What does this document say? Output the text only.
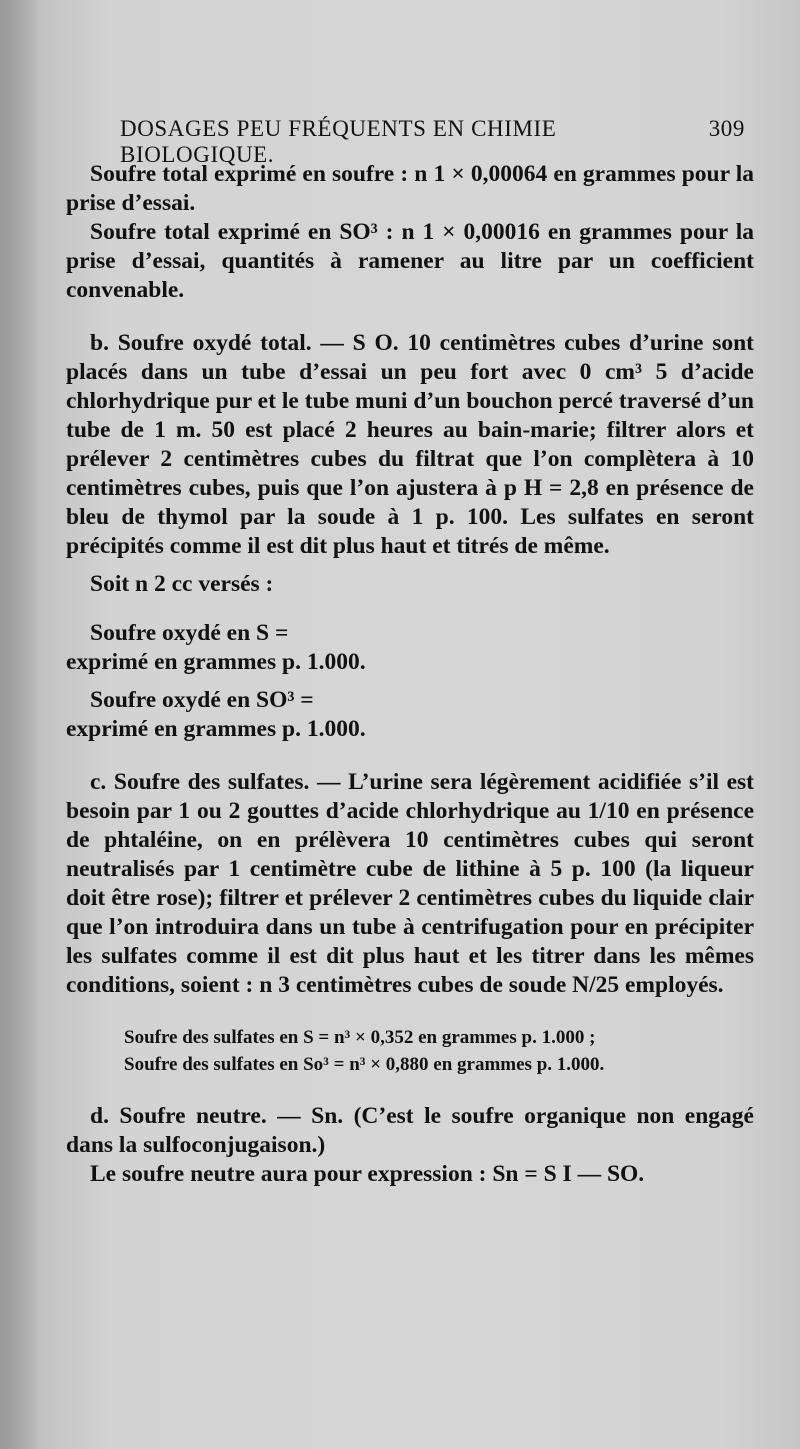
DOSAGES PEU FRÉQUENTS EN CHIMIE BIOLOGIQUE.
309

Soufre total exprimé en soufre : n 1 × 0,00064 en grammes pour la prise d’essai.

Soufre total exprimé en SO³ : n 1 × 0,00016 en grammes pour la prise d’essai, quantités à ramener au litre par un coefficient convenable.

b. Soufre oxydé total. — S O. 10 centimètres cubes d’urine sont placés dans un tube d’essai un peu fort avec 0 cm³ 5 d’acide chlorhydrique pur et le tube muni d’un bouchon percé traversé d’un tube de 1 m. 50 est placé 2 heures au bain-marie; filtrer alors et prélever 2 centimètres cubes du filtrat que l’on complètera à 10 centimètres cubes, puis que l’on ajustera à p H = 2,8 en présence de bleu de thymol par la soude à 1 p. 100. Les sulfates en seront précipités comme il est dit plus haut et titrés de même.

Soit n 2 cc versés :

Soufre oxydé en S =

exprimé en grammes p. 1.000.

Soufre oxydé en SO³ =

exprimé en grammes p. 1.000.

c. Soufre des sulfates. — L’urine sera légèrement acidifiée s’il est besoin par 1 ou 2 gouttes d’acide chlorhydrique au 1/10 en présence de phtaléine, on en prélèvera 10 centimètres cubes qui seront neutralisés par 1 centimètre cube de lithine à 5 p. 100 (la liqueur doit être rose); filtrer et prélever 2 centimètres cubes du liquide clair que l’on introduira dans un tube à centrifugation pour en précipiter les sulfates comme il est dit plus haut et les titrer dans les mêmes conditions, soient : n 3 centimètres cubes de soude N/25 employés.

Soufre des sulfates en S = n³ × 0,352 en grammes p. 1.000 ;

Soufre des sulfates en So³ = n³ × 0,880 en grammes p. 1.000.

d. Soufre neutre. — Sn. (C’est le soufre organique non engagé dans la sulfoconjugaison.)

Le soufre neutre aura pour expression : Sn = S I — SO.
